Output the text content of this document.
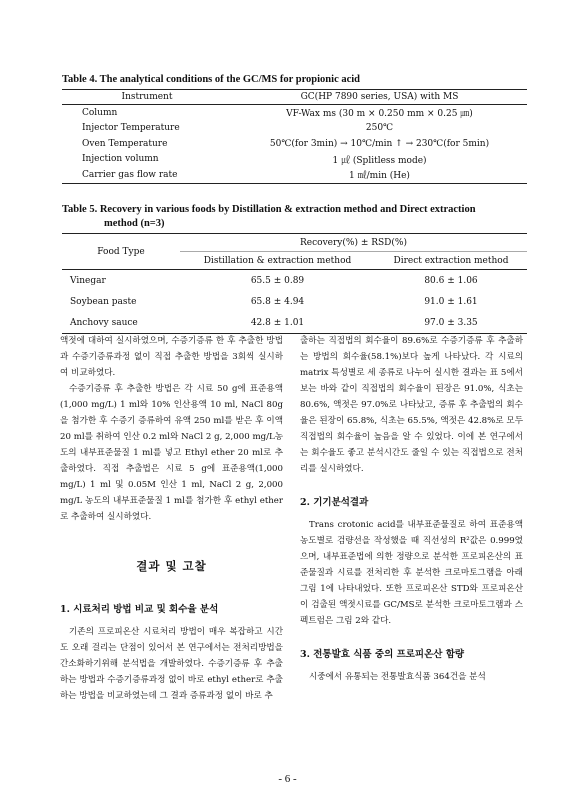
Table 4. The analytical conditions of the GC/MS for propionic acid

Instrument	GC(HP 7890 series, USA) with MS
Column	VF-Wax ms (30 m × 0.250 mm × 0.25 ㎛)
Injector Temperature	250℃
Oven Temperature	50℃(for 3min) → 10℃/min ↑ → 230℃(for 5min)
Injection volumn	1 ㎕ (Splitless mode)
Carrier gas flow rate	1 ㎖/min (He)

Table 5. Recovery in various foods by Distillation & extraction method and Direct extraction
method (n=3)

Food Type	Recovery(%) ± RSD(%)	
	Distillation & extraction method	Direct extraction method
Vinegar	65.5 ± 0.89	80.6 ± 1.06
Soybean paste	65.8 ± 4.94	91.0 ± 1.61
Anchovy sauce	42.8 ± 1.01	97.0 ± 3.35

액젓에 대하여 실시하였으며, 수증기증류 한 후 추출한 방법과 수증기증류과정 없이 직접 추출한 방법을 3회씩 실시하여 비교하였다.

수증기증류 후 추출한 방법은 각 시료 50 g에 표준용액(1,000 mg/L) 1 ml와 10% 인산용액 10 ml, NaCl 80g을 첨가한 후 수증기 증류하여 유액 250 ml를 받은 후 이액 20 ml를 취하여 인산 0.2 ml와 NaCl 2 g, 2,000 mg/L농도의 내부표준물질 1 ml를 넣고 Ethyl ether 20 ml로 추출하였다. 직접 추출법은 시료 5 g에 표준용액(1,000 mg/L) 1 ml 및 0.05M 인산 1 ml, NaCl 2 g, 2,000 mg/L 농도의 내부표준물질 1 ml를 첨가한 후 ethyl ether로 추출하여 실시하였다.

결과 및 고찰
1. 시료처리 방법 비교 및 회수율 분석

기존의 프로피온산 시료처리 방법이 매우 복잡하고 시간도 오래 걸리는 단점이 있어서 본 연구에서는 전처리방법을 간소화하기위해 분석법을 개발하였다. 수증기증류 후 추출하는 방법과 수증기증류과정 없이 바로 ethyl ether로 추출하는 방법을 비교하였는데 그 결과 증류과정 없이 바로 추

출하는 직접법의 회수율이 89.6%로 수증기증류 후 추출하는 방법의 회수율(58.1%)보다 높게 나타났다. 각 시료의 matrix 특성별로 세 종류로 나누어 실시한 결과는 표 5에서 보는 바와 같이 직접법의 회수율이 된장은 91.0%, 식초는 80.6%, 액젓은 97.0%로 나타났고, 증류 후 추출법의 회수율은 된장이 65.8%, 식초는 65.5%, 액젓은 42.8%로 모두 직접법의 회수율이 높음을 알 수 있었다. 이에 본 연구에서는 회수율도 좋고 분석시간도 줄일 수 있는 직접법으로 전처리를 실시하였다.

2. 기기분석결과

Trans crotonic acid를 내부표준물질로 하여 표준용액 농도별로 검량선을 작성했을 때 직선성의 R²값은 0.999였으며, 내부표준법에 의한 정량으로 분석한 프로피온산의 표준물질과 시료를 전처리한 후 분석한 크로마토그램을 아래 그림 1에 나타내었다. 또한 프로피온산 STD와 프로피온산이 검출된 액젓시료를 GC/MS로 분석한 크로마토그램과 스펙트럼은 그림 2와 같다.

3. 전통발효 식품 중의 프로피온산 함량

시중에서 유통되는 전통발효식품 364건을 분석

- 6 -
